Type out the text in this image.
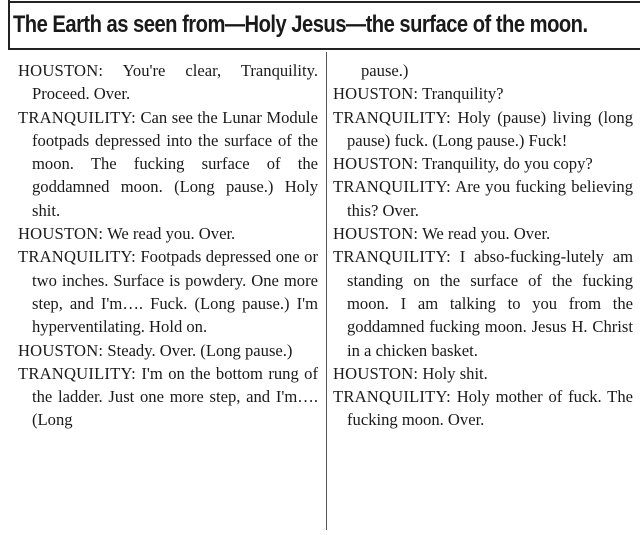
The Earth as seen from—Holy Jesus—the surface of the moon.

HOUSTON: You're clear, Tranquility. Proceed. Over.

TRANQUILITY: Can see the Lunar Module footpads depressed into the surface of the moon. The fucking surface of the goddamned moon. (Long pause.) Holy shit.

HOUSTON: We read you. Over.

TRANQUILITY: Footpads depressed one or two inches. Surface is powdery. One more step, and I'm…. Fuck. (Long pause.) I'm hyperventilating. Hold on.

HOUSTON: Steady. Over. (Long pause.)

TRANQUILITY: I'm on the bottom rung of the ladder. Just one more step, and I'm…. (Long

pause.)

HOUSTON: Tranquility?

TRANQUILITY: Holy (pause) living (long pause) fuck. (Long pause.) Fuck!

HOUSTON: Tranquility, do you copy?

TRANQUILITY: Are you fucking believing this? Over.

HOUSTON: We read you. Over.

TRANQUILITY: I abso-fucking-lutely am standing on the surface of the fucking moon. I am talking to you from the goddamned fucking moon. Jesus H. Christ in a chicken basket.

HOUSTON: Holy shit.

TRANQUILITY: Holy mother of fuck. The fucking moon. Over.
